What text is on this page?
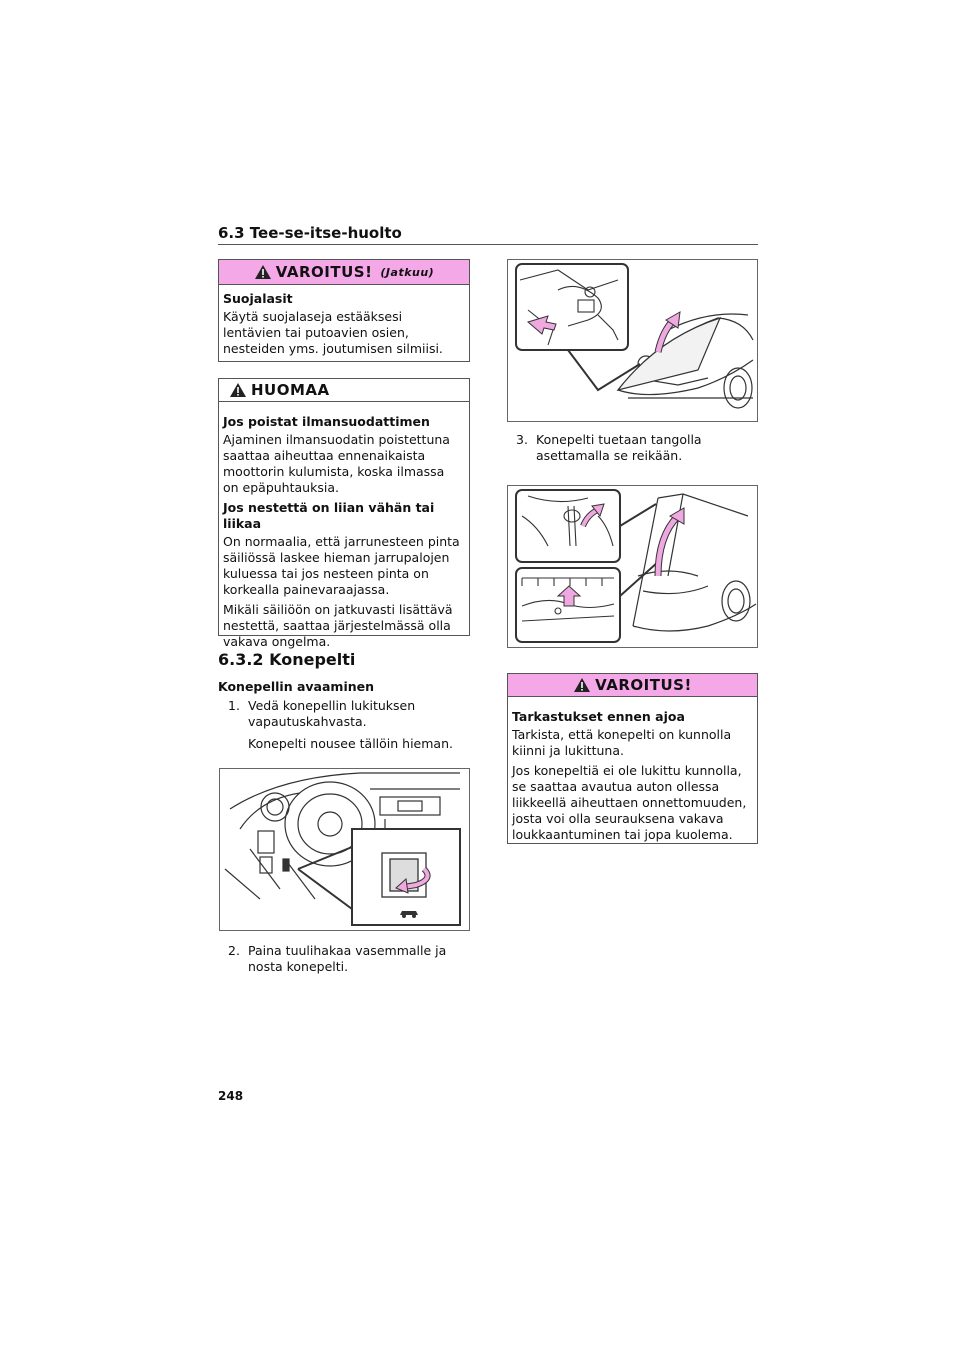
6.3 Tee-se-itse-huolto
VAROITUS! (Jatkuu)
Suojalasit

Käytä suojalaseja estääksesi lentävien tai putoavien osien, nesteiden yms. joutumisen silmiisi.

HUOMAA
Jos poistat ilmansuodattimen

Ajaminen ilmansuodatin poistettuna saattaa aiheuttaa ennenaikaista moottorin kulumista, koska ilmassa on epäpuhtauksia.

Jos nestettä on liian vähän tai liikaa

On normaalia, että jarrunesteen pinta säiliössä laskee hieman jarrupalojen kuluessa tai jos nesteen pinta on korkealla painevaraajassa.

Mikäli säiliöön on jatkuvasti lisättävä nestettä, saattaa järjestelmässä olla vakava ongelma.

6.3.2 Konepelti
Konepellin avaaminen
1. Vedä konepellin lukituksen vapautuskahvasta.
Konepelti nousee tällöin hieman.
2. Paina tuulihakaa vasemmalle ja nosta konepelti.
3. Konepelti tuetaan tangolla asettamalla se reikään.
VAROITUS!
Tarkastukset ennen ajoa

Tarkista, että konepelti on kunnolla kiinni ja lukittuna.

Jos konepeltiä ei ole lukittu kunnolla, se saattaa avautua auton ollessa liikkeellä aiheuttaen onnettomuuden, josta voi olla seurauksena vakava loukkaantuminen tai jopa kuolema.

248
